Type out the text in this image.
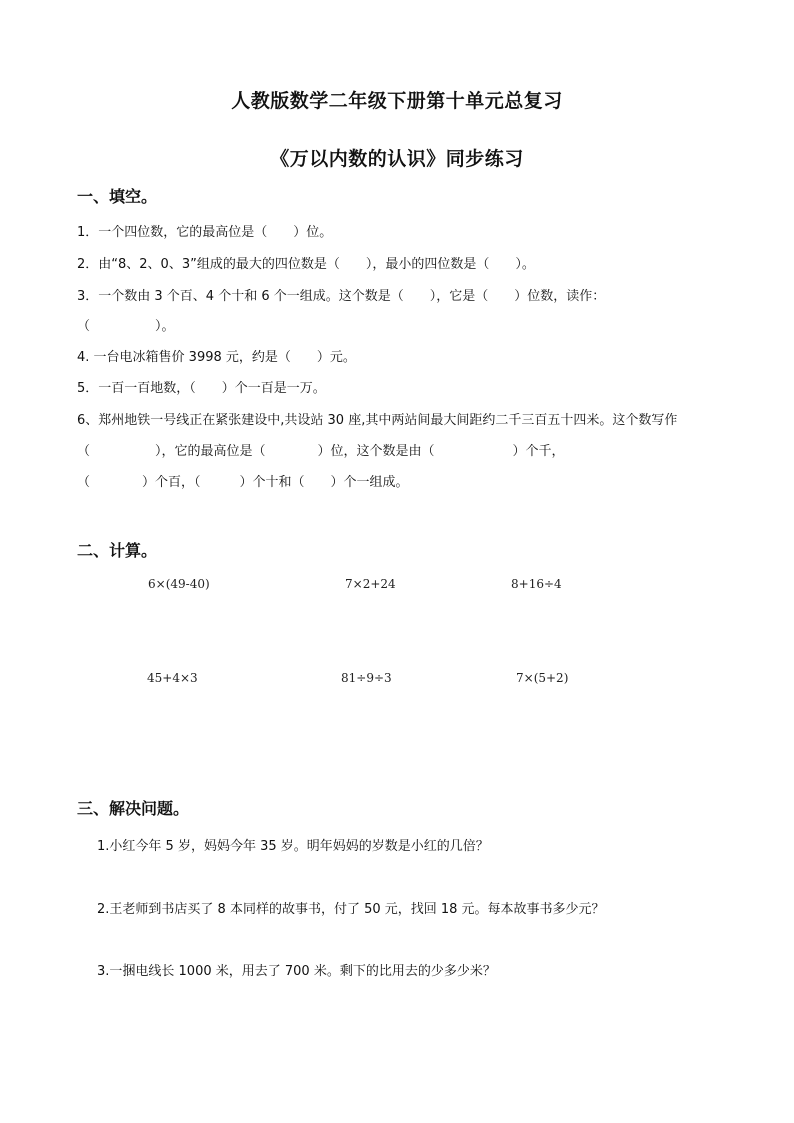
人教版数学二年级下册第十单元总复习
《万以内数的认识》同步练习
一、填空。
1．一个四位数，它的最高位是（　　）位。
2．由“8、2、0、3”组成的最大的四位数是（　　），最小的四位数是（　　）。
3．一个数由 3 个百、4 个十和 6 个一组成。这个数是（　　），它是（　　）位数，读作：
（　　　　　）。
4. 一台电冰箱售价 3998 元，约是（　　）元。
5．一百一百地数，（　　）个一百是一万。
6、郑州地铁一号线正在紧张建设中,共设站 30 座,其中两站间最大间距约二千三百五十四米。这个数写作
（　　　　　），它的最高位是（　　　　）位，这个数是由（　　　　　　）个千，
（　　　　）个百，（　　　）个十和（　　）个一组成。
二、计算。
6×(49-40)	7×2+24	8+16÷4
45+4×3	81÷9÷3	7×(5+2)
三、解决问题。
1.小红今年 5 岁，妈妈今年 35 岁。明年妈妈的岁数是小红的几倍？
2.王老师到书店买了 8 本同样的故事书，付了 50 元，找回 18 元。每本故事书多少元？
3.一捆电线长 1000 米，用去了 700 米。剩下的比用去的少多少米？
